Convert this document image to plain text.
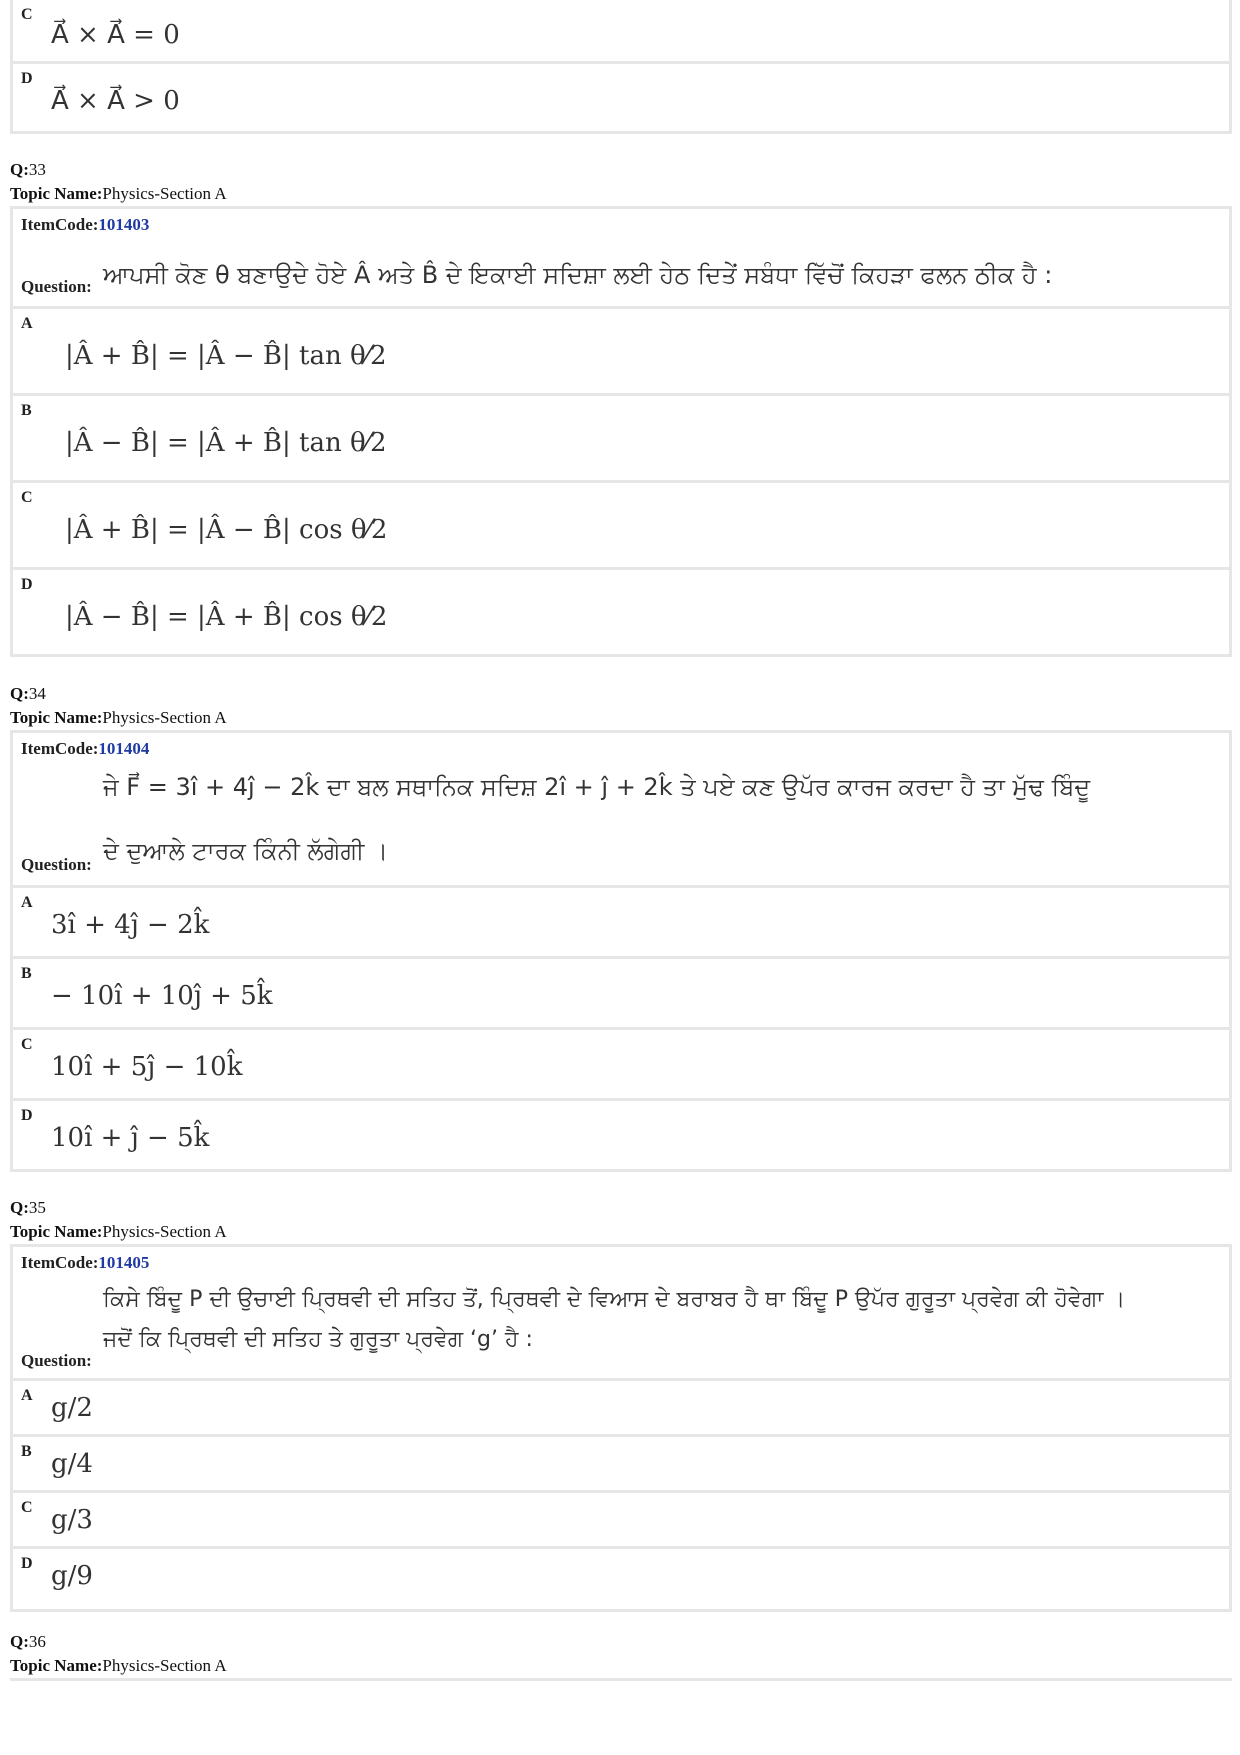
C
A⃗ × A⃗ = 0
D
A⃗ × A⃗ > 0
Q:33
Topic Name:Physics-Section A
ItemCode:101403
ਆਪਸੀ ਕੋਣ θ ਬਣਾਉਦੇ ਹੋਏ Â ਅਤੇ B̂ ਦੇ ਇਕਾਈ ਸਦਿਸ਼ਾ ਲਈ ਹੇਠ ਦਿਤੇਂ ਸਬੰਧਾ ਵਿੱਚੋਂ ਕਿਹੜਾ ਫਲਨ ਠੀਕ ਹੈ :
Question:
A
|Â + B̂| = |Â − B̂| tan θ⁄2
B
|Â − B̂| = |Â + B̂| tan θ⁄2
C
|Â + B̂| = |Â − B̂| cos θ⁄2
D
|Â − B̂| = |Â + B̂| cos θ⁄2
Q:34
Topic Name:Physics-Section A
ItemCode:101404
ਜੇ F⃗ = 3î + 4ĵ − 2k̂ ਦਾ ਬਲ ਸਥਾਨਿਕ ਸਦਿਸ਼ 2î + ĵ + 2k̂ ਤੇ ਪਏ ਕਣ ਉਪੱਰ ਕਾਰਜ ਕਰਦਾ ਹੈ ਤਾ ਮੁੱਢ ਬਿੰਦੂ
ਦੇ ਦੁਆਲੇ ਟਾਰਕ ਕਿੰਨੀ ਲੱਗੇਗੀ ।
Question:
A
3î + 4ĵ − 2k̂
B
− 10î + 10ĵ + 5k̂
C
10î + 5ĵ − 10k̂
D
10î + ĵ − 5k̂
Q:35
Topic Name:Physics-Section A
ItemCode:101405
ਕਿਸੇ ਬਿੰਦੂ P ਦੀ ਉਚਾਈ ਪ੍ਰਿਥਵੀ ਦੀ ਸਤਿਹ ਤੋਂ, ਪ੍ਰਿਥਵੀ ਦੇ ਵਿਆਸ ਦੇ ਬਰਾਬਰ ਹੈ ਥਾ ਬਿੰਦੂ P ਉਪੱਰ ਗੁਰੂਤਾ ਪ੍ਰਵੇਗ ਕੀ ਹੋਵੇਗਾ ।
ਜਦੋਂ ਕਿ ਪ੍ਰਿਥਵੀ ਦੀ ਸਤਿਹ ਤੇ ਗੁਰੂਤਾ ਪ੍ਰਵੇਗ ‘g’ ਹੈ :
Question:
A g/2
B g/4
C g/3
D g/9
Q:36
Topic Name:Physics-Section A
